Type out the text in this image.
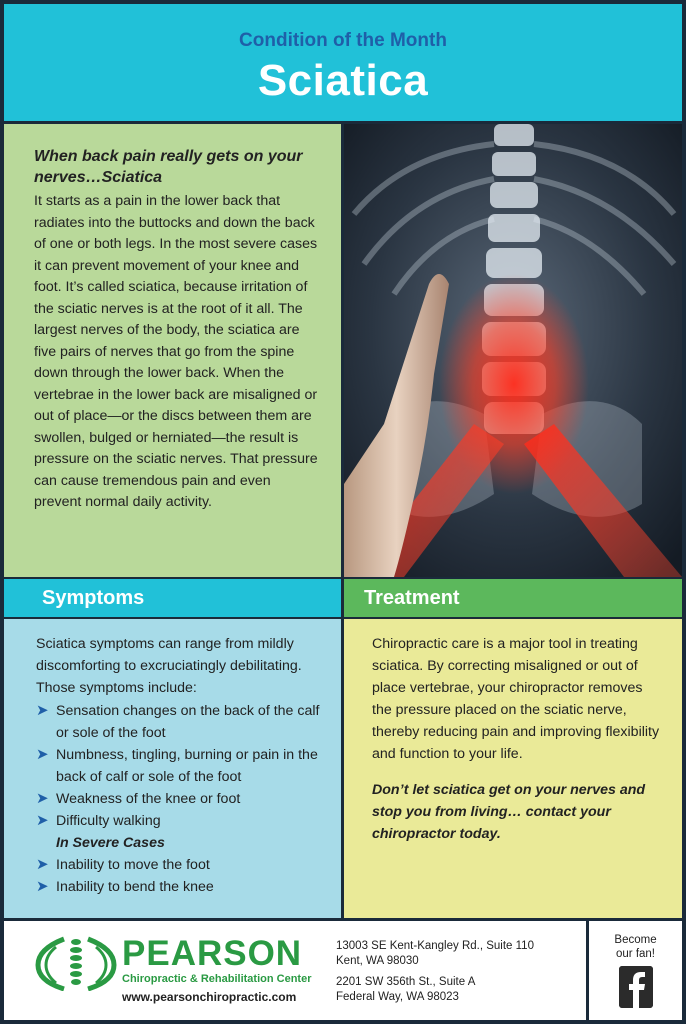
Condition of the Month
Sciatica
When back pain really gets on your nerves…Sciatica
It starts as a pain in the lower back that radiates into the buttocks and down the back of one or both legs. In the most severe cases it can prevent movement of your knee and foot. It’s called sciatica, because irritation of the sciatic nerves is at the root of it all. The largest nerves of the body, the sciatica are five pairs of nerves that go from the spine down through the lower back. When the vertebrae in the lower back are misaligned or out of place—or the discs between them are swollen, bulged or herniated—the result is pressure on the sciatic nerves. That pressure can cause tremendous pain and even prevent normal daily activity.
Symptoms	Treatment
Sciatica symptoms can range from mildly discomforting to excruciatingly debilitating. Those symptoms include:
➤ Sensation changes on the back of the calf or sole of the foot
➤ Numbness, tingling, burning or pain in the back of calf or sole of the foot
➤ Weakness of the knee or foot
➤ Difficulty walking
In Severe Cases
➤ Inability to move the foot
➤ Inability to bend the knee
Chiropractic care is a major tool in treating sciatica. By correcting misaligned or out of place vertebrae, your chiropractor removes the pressure placed on the sciatic nerve, thereby reducing pain and improving flexibility and function to your life.
Don’t let sciatica get on your nerves and stop you from living… contact your chiropractor today.
PEARSON
Chiropractic & Rehabilitation Center
www.pearsonchiropractic.com
13003 SE Kent-Kangley Rd., Suite 110
Kent, WA 98030
2201 SW 356th St., Suite A
Federal Way, WA 98023
Become
our fan!
